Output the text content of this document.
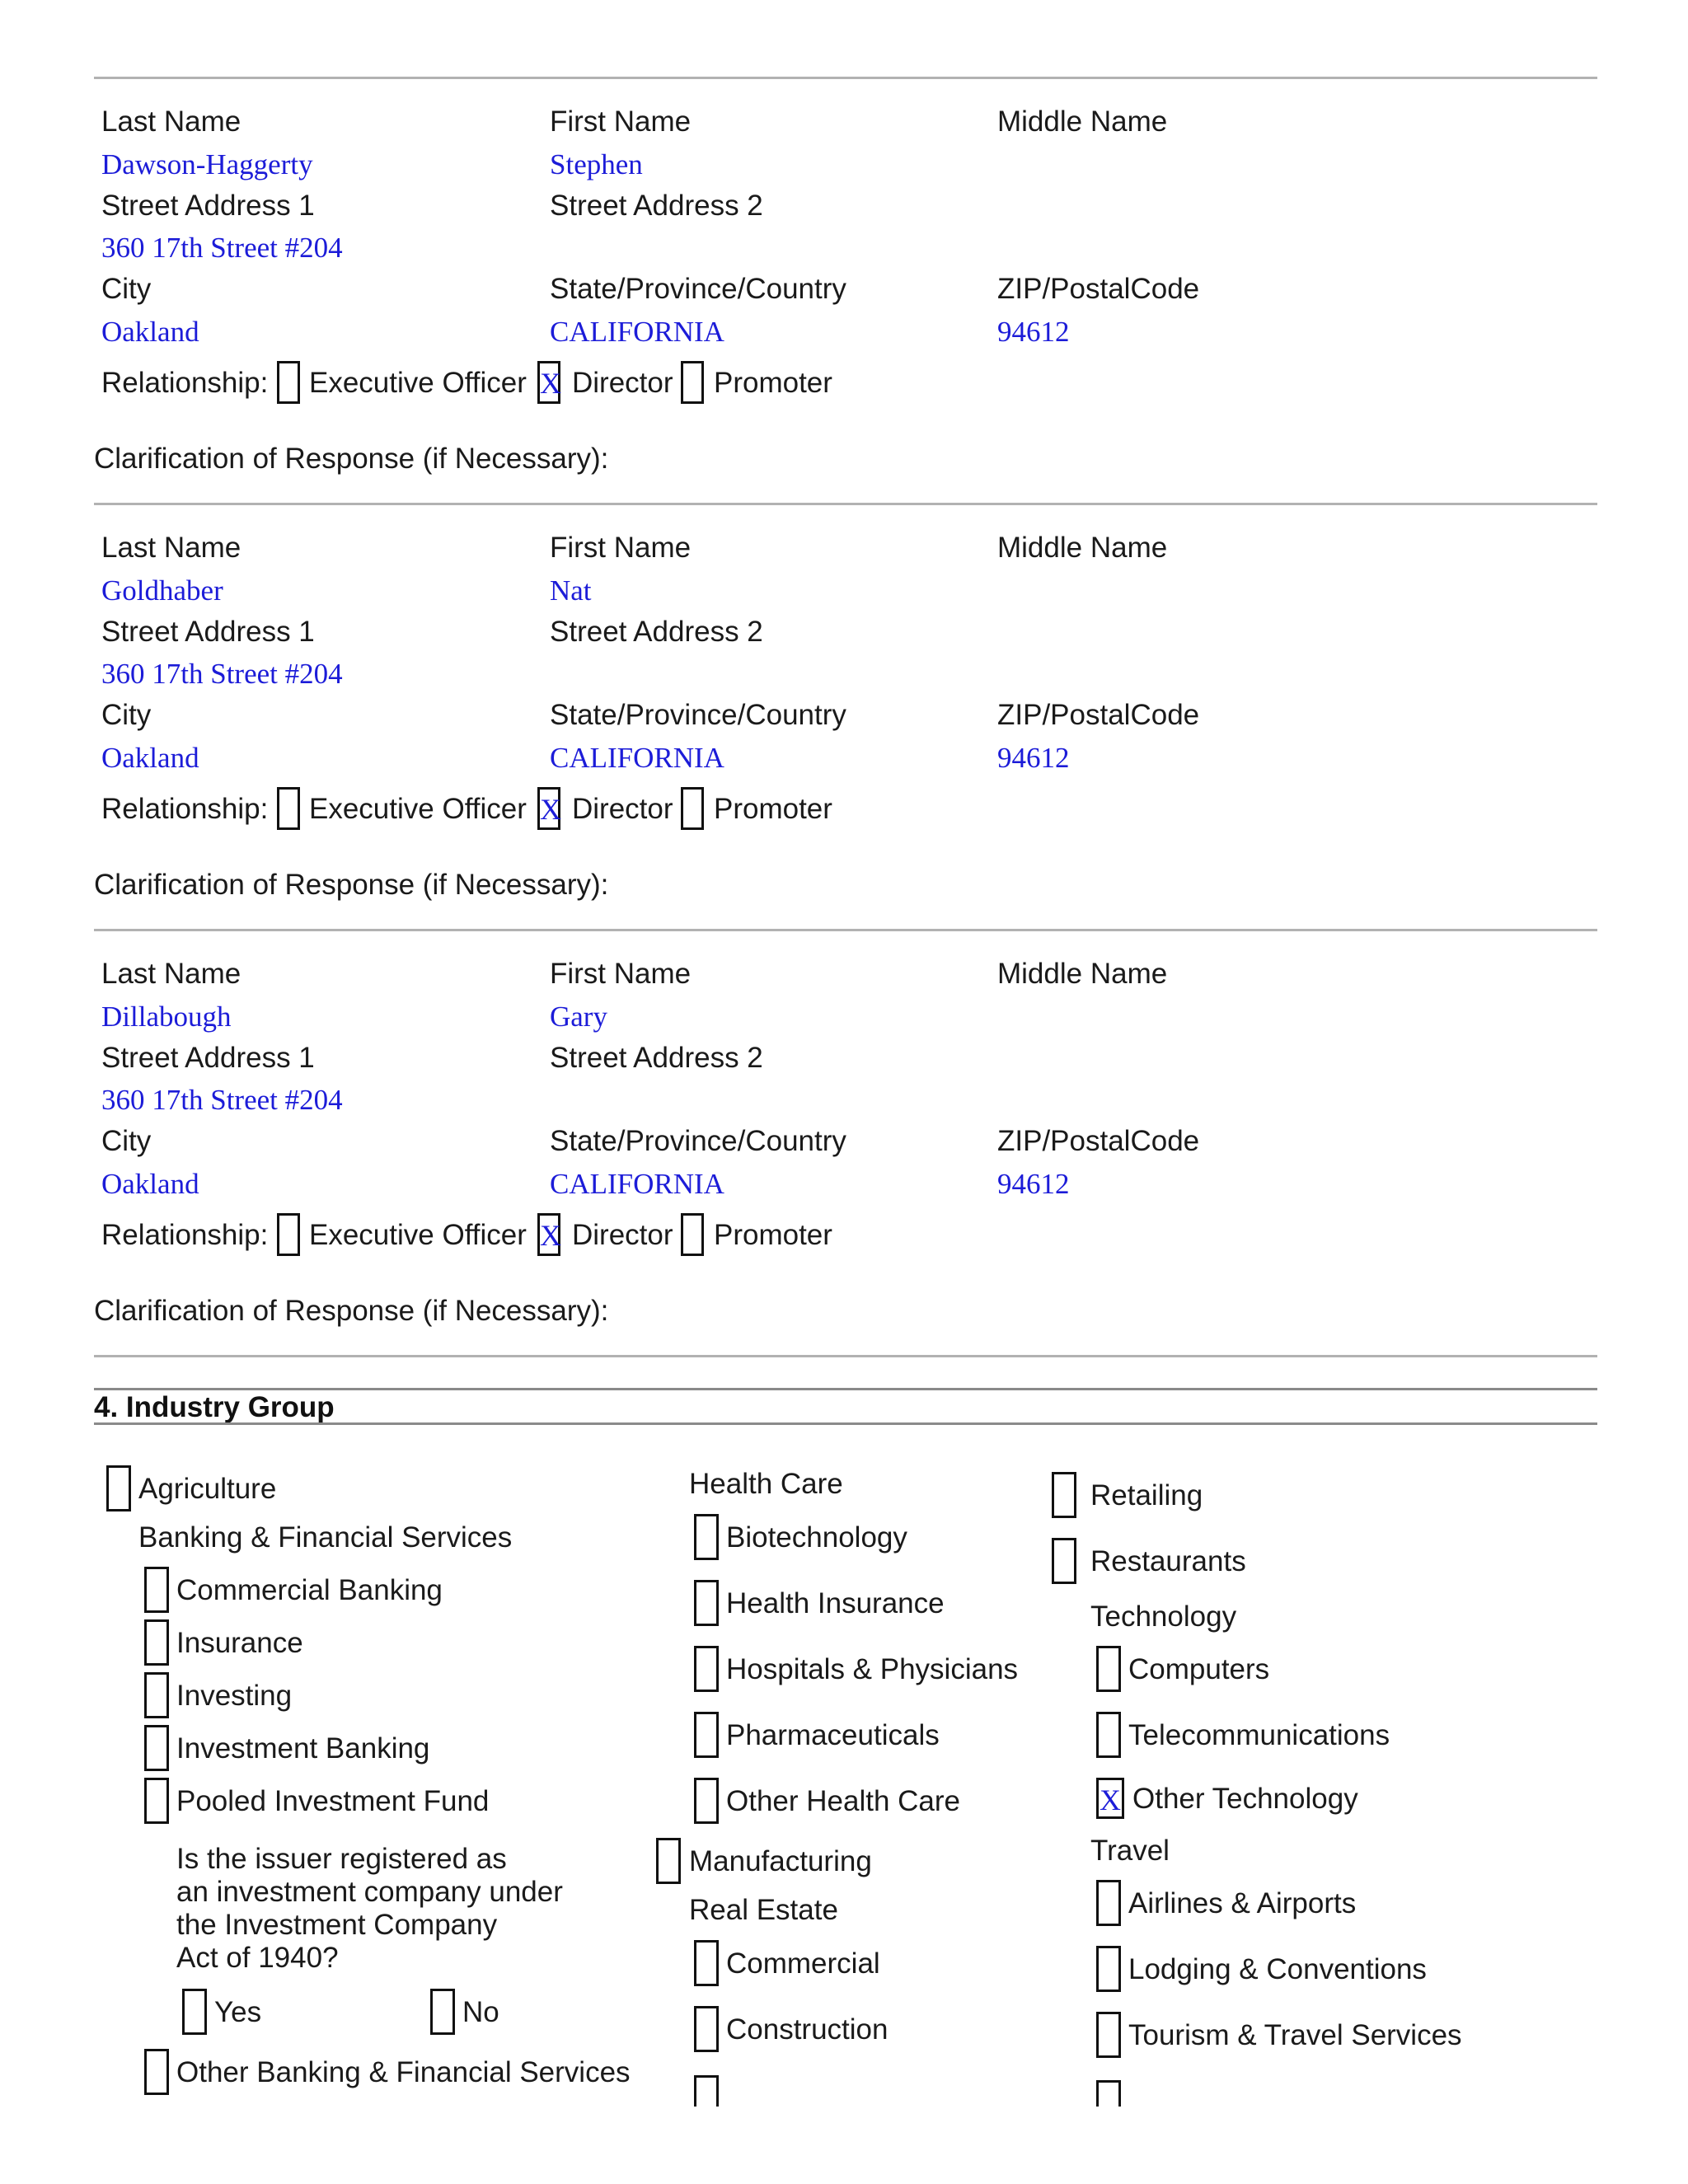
Last Name	First Name	Middle Name
Dawson-Haggerty	Stephen
Street Address 1	Street Address 2
360 17th Street #204
City	State/Province/Country	ZIP/PostalCode
Oakland	CALIFORNIA	94612
Relationship: Executive Officer X Director Promoter
Clarification of Response (if Necessary):
Last Name	First Name	Middle Name
Goldhaber	Nat
Street Address 1	Street Address 2
360 17th Street #204
City	State/Province/Country	ZIP/PostalCode
Oakland	CALIFORNIA	94612
Relationship: Executive Officer X Director Promoter
Clarification of Response (if Necessary):
Last Name	First Name	Middle Name
Dillabough	Gary
Street Address 1	Street Address 2
360 17th Street #204
City	State/Province/Country	ZIP/PostalCode
Oakland	CALIFORNIA	94612
Relationship: Executive Officer X Director Promoter
Clarification of Response (if Necessary):
4. Industry Group
Agriculture
Banking & Financial Services
Commercial Banking
Insurance
Investing
Investment Banking
Pooled Investment Fund
Is the issuer registered as
an investment company under
the Investment Company
Act of 1940?
Yes	No
Other Banking & Financial Services
Health Care
Biotechnology
Health Insurance
Hospitals & Physicians
Pharmaceuticals
Other Health Care
Manufacturing
Real Estate
Commercial
Construction
Retailing
Restaurants
Technology
Computers
Telecommunications
X Other Technology
Travel
Airlines & Airports
Lodging & Conventions
Tourism & Travel Services
